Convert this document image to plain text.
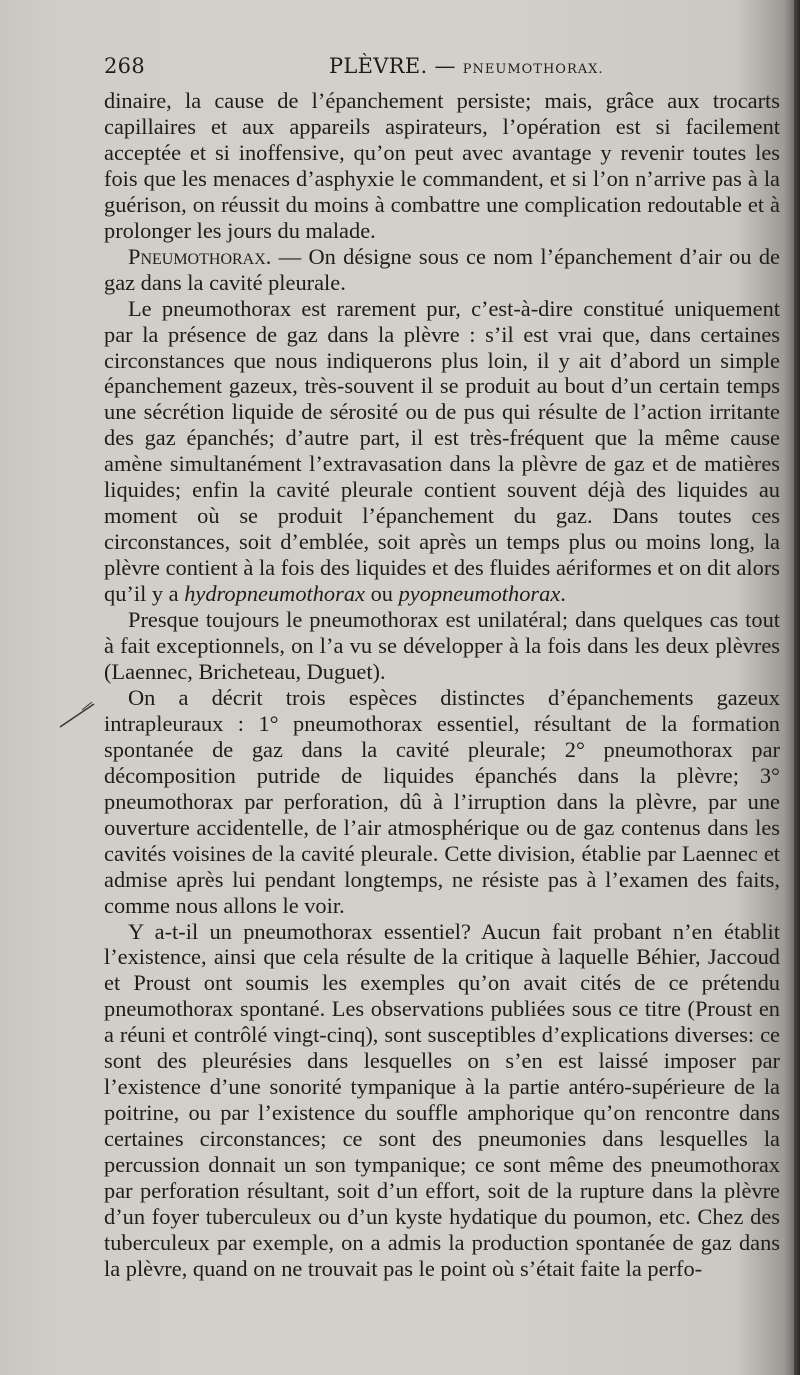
268	PLÈVRE. — PNEUMOTHORAX.

dinaire, la cause de l’épanchement persiste; mais, grâce aux trocarts capillaires et aux appareils aspirateurs, l’opération est si facilement acceptée et si inoffensive, qu’on peut avec avantage y revenir toutes les fois que les menaces d’asphyxie le commandent, et si l’on n’arrive pas à la guérison, on réussit du moins à combattre une complication redoutable et à prolonger les jours du malade.

Pneumothorax. — On désigne sous ce nom l’épanchement d’air ou de gaz dans la cavité pleurale.

Le pneumothorax est rarement pur, c’est-à-dire constitué uniquement par la présence de gaz dans la plèvre : s’il est vrai que, dans certaines circonstances que nous indiquerons plus loin, il y ait d’abord un simple épanchement gazeux, très-souvent il se produit au bout d’un certain temps une sécrétion liquide de sérosité ou de pus qui résulte de l’action irritante des gaz épanchés; d’autre part, il est très-fréquent que la même cause amène simultanément l’extravasation dans la plèvre de gaz et de matières liquides; enfin la cavité pleurale contient souvent déjà des liquides au moment où se produit l’épanchement du gaz. Dans toutes ces circonstances, soit d’emblée, soit après un temps plus ou moins long, la plèvre contient à la fois des liquides et des fluides aériformes et on dit alors qu’il y a hydropneumothorax ou pyopneumothorax.

Presque toujours le pneumothorax est unilatéral; dans quelques cas tout à fait exceptionnels, on l’a vu se développer à la fois dans les deux plèvres (Laennec, Bricheteau, Duguet).

On a décrit trois espèces distinctes d’épanchements gazeux intrapleuraux : 1° pneumothorax essentiel, résultant de la formation spontanée de gaz dans la cavité pleurale; 2° pneumothorax par décomposition putride de liquides épanchés dans la plèvre; 3° pneumothorax par perforation, dû à l’irruption dans la plèvre, par une ouverture accidentelle, de l’air atmosphérique ou de gaz contenus dans les cavités voisines de la cavité pleurale. Cette division, établie par Laennec et admise après lui pendant longtemps, ne résiste pas à l’examen des faits, comme nous allons le voir.

Y a-t-il un pneumothorax essentiel? Aucun fait probant n’en établit l’existence, ainsi que cela résulte de la critique à laquelle Béhier, Jaccoud et Proust ont soumis les exemples qu’on avait cités de ce prétendu pneumothorax spontané. Les observations publiées sous ce titre (Proust en a réuni et contrôlé vingt-cinq), sont susceptibles d’explications diverses: ce sont des pleurésies dans lesquelles on s’en est laissé imposer par l’existence d’une sonorité tympanique à la partie antéro-supérieure de la poitrine, ou par l’existence du souffle amphorique qu’on rencontre dans certaines circonstances; ce sont des pneumonies dans lesquelles la percussion donnait un son tympanique; ce sont même des pneumothorax par perforation résultant, soit d’un effort, soit de la rupture dans la plèvre d’un foyer tuberculeux ou d’un kyste hydatique du poumon, etc. Chez des tuberculeux par exemple, on a admis la production spontanée de gaz dans la plèvre, quand on ne trouvait pas le point où s’était faite la perfo-
